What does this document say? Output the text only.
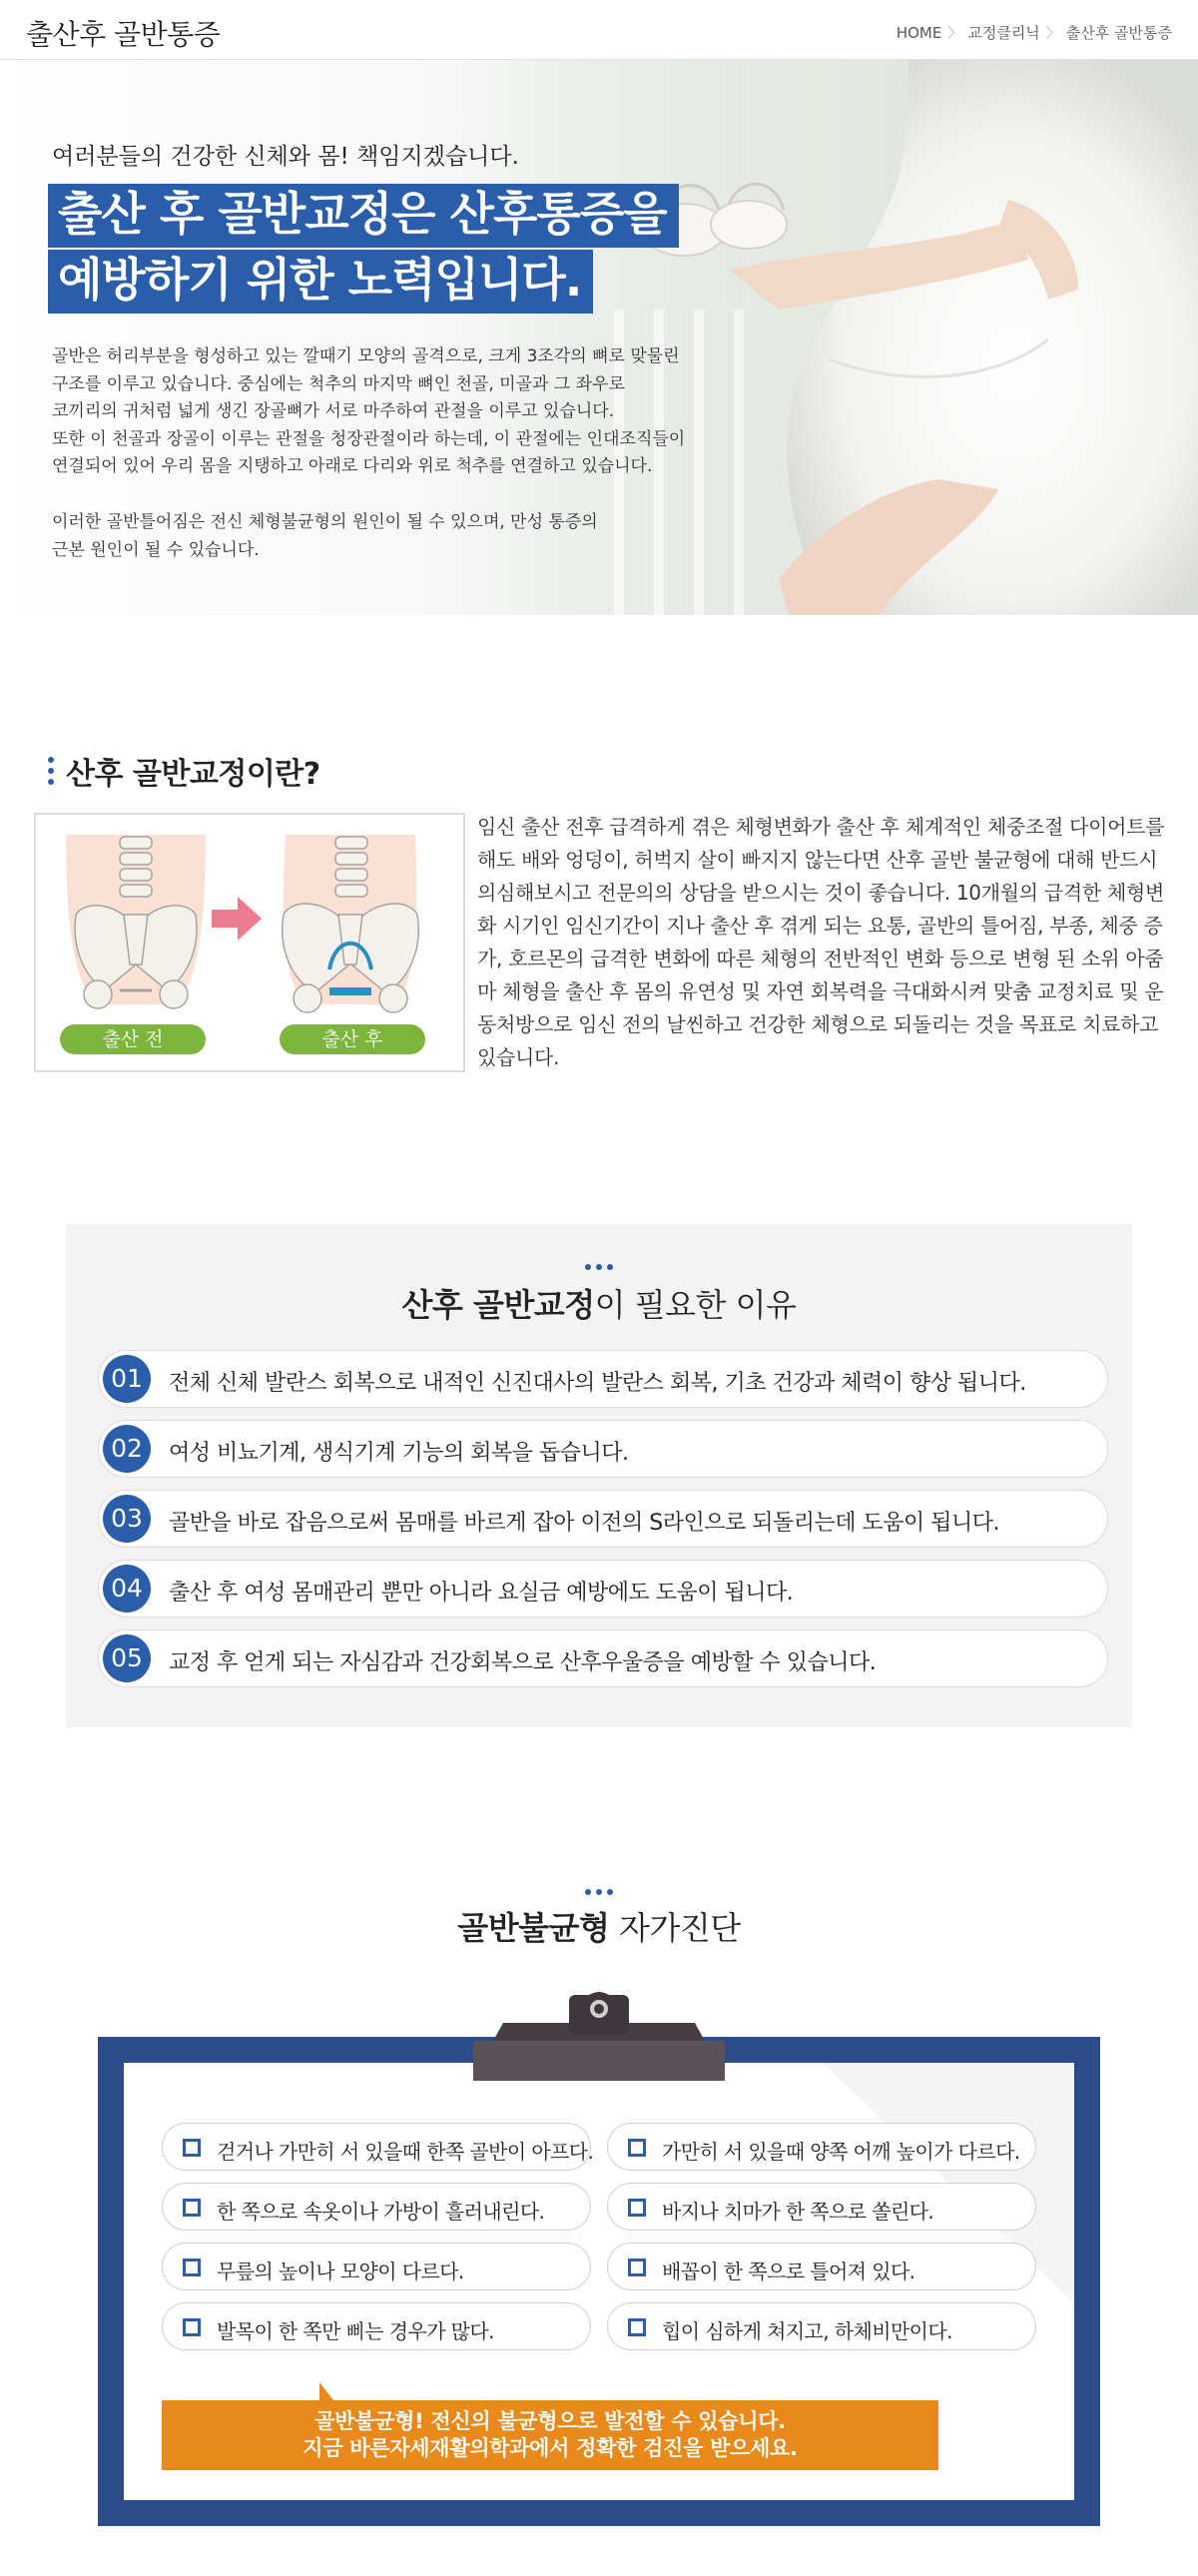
출산후 골반통증	HOME 〉 교정클리닉 〉 출산후 골반통증
여러분들의 건강한 신체와 몸! 책임지겠습니다.
출산 후 골반교정은 산후통증을
예방하기 위한 노력입니다.
골반은 허리부분을 형성하고 있는 깔때기 모양의 골격으로, 크게 3조각의 뼈로 맞물린
구조를 이루고 있습니다. 중심에는 척추의 마지막 뼈인 천골, 미골과 그 좌우로
코끼리의 귀처럼 넓게 생긴 장골뼈가 서로 마주하여 관절을 이루고 있습니다.
또한 이 천골과 장골이 이루는 관절을 청장관절이라 하는데, 이 관절에는 인대조직들이
연결되어 있어 우리 몸을 지탱하고 아래로 다리와 위로 척추를 연결하고 있습니다.
이러한 골반틀어짐은 전신 체형불균형의 원인이 될 수 있으며, 만성 통증의
근본 원인이 될 수 있습니다.
산후 골반교정이란?
출산 전	출산 후
임신 출산 전후 급격하게 겪은 체형변화가 출산 후 체계적인 체중조절 다이어트를 해도 배와 엉덩이, 허벅지 살이 빠지지 않는다면 산후 골반 불균형에 대해 반드시 의심해보시고 전문의의 상담을 받으시는 것이 좋습니다. 10개월의 급격한 체형변화 시기인 임신기간이 지나 출산 후 겪게 되는 요통, 골반의 틀어짐, 부종, 체중 증가, 호르몬의 급격한 변화에 따른 체형의 전반적인 변화 등으로 변형 된 소위 아줌마 체형을 출산 후 몸의 유연성 및 자연 회복력을 극대화시켜 맞춤 교정치료 및 운동처방으로 임신 전의 날씬하고 건강한 체형으로 되돌리는 것을 목표로 치료하고 있습니다.
산후 골반교정이 필요한 이유
01	전체 신체 발란스 회복으로 내적인 신진대사의 발란스 회복, 기초 건강과 체력이 향상 됩니다.
02	여성 비뇨기계, 생식기계 기능의 회복을 돕습니다.
03	골반을 바로 잡음으로써 몸매를 바르게 잡아 이전의 S라인으로 되돌리는데 도움이 됩니다.
04	출산 후 여성 몸매관리 뿐만 아니라 요실금 예방에도 도움이 됩니다.
05	교정 후 얻게 되는 자심감과 건강회복으로 산후우울증을 예방할 수 있습니다.
골반불균형 자가진단
걷거나 가만히 서 있을때 한쪽 골반이 아프다.	가만히 서 있을때 양쪽 어깨 높이가 다르다.
한 쪽으로 속옷이나 가방이 흘러내린다.	바지나 치마가 한 쪽으로 쏠린다.
무릎의 높이나 모양이 다르다.	배꼽이 한 쪽으로 틀어져 있다.
발목이 한 쪽만 삐는 경우가 많다.	힙이 심하게 쳐지고, 하체비만이다.
골반불균형! 전신의 불균형으로 발전할 수 있습니다.
지금 바른자세재활의학과에서 정확한 검진을 받으세요.
